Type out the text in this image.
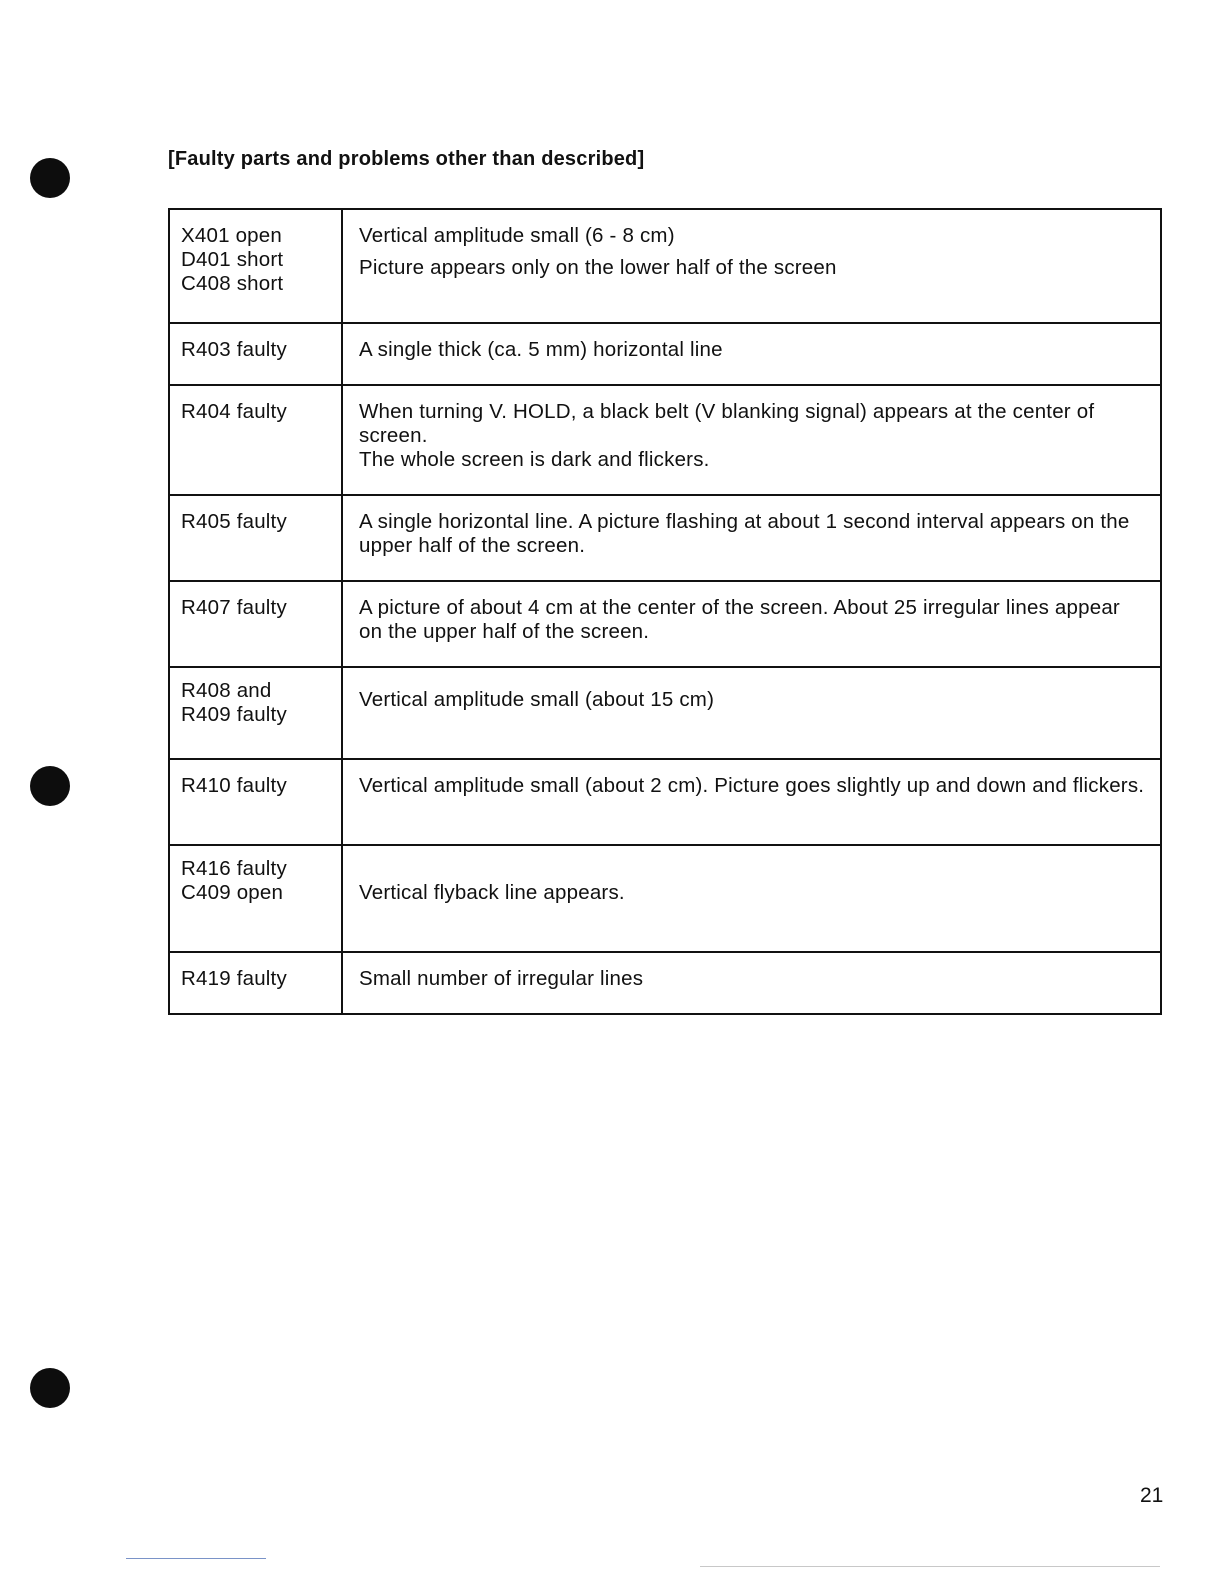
[Faulty parts and problems other than described]
X401 open
D401 short
C408 short	Vertical amplitude small (6 - 8 cm)
Picture appears only on the lower half of the screen

R403 faulty	A single thick (ca. 5 mm) horizontal line

R404 faulty	When turning V. HOLD, a black belt (V blanking signal) appears at the center of screen.
The whole screen is dark and flickers.

R405 faulty	A single horizontal line. A picture flashing at about 1 second interval appears on the upper half of the screen.

R407 faulty	A picture of about 4 cm at the center of the screen. About 25 irregular lines appear on the upper half of the screen.

R408 and
R409 faulty	Vertical amplitude small (about 15 cm)

R410 faulty	Vertical amplitude small (about 2 cm). Picture goes slightly up and down and flickers.

R416 faulty
C409 open	Vertical flyback line appears.

R419 faulty	Small number of irregular lines
21
